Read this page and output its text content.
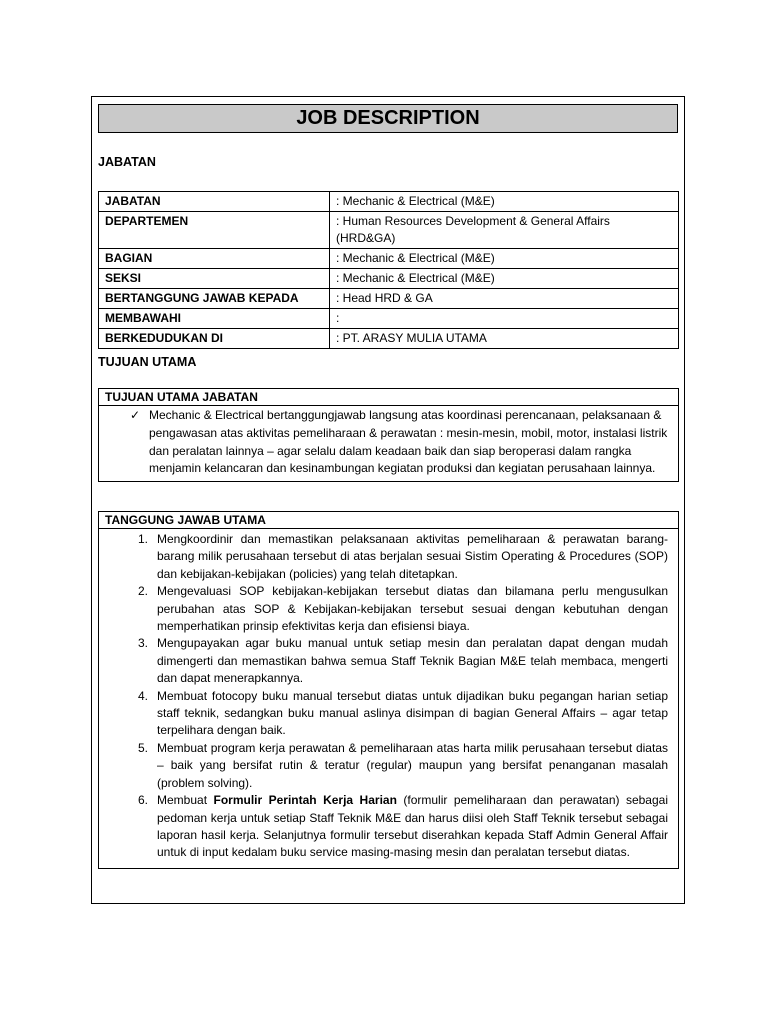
JOB DESCRIPTION
JABATAN
JABATAN	: Mechanic & Electrical (M&E)
DEPARTEMEN	: Human Resources Development & General Affairs (HRD&GA)
BAGIAN	: Mechanic & Electrical (M&E)
SEKSI	: Mechanic & Electrical (M&E)
BERTANGGUNG JAWAB KEPADA	: Head HRD & GA
MEMBAWAHI	:
BERKEDUDUKAN DI	: PT. ARASY MULIA UTAMA
TUJUAN UTAMA
TUJUAN UTAMA JABATAN
✓ Mechanic & Electrical bertanggungjawab langsung atas koordinasi perencanaan, pelaksanaan & pengawasan atas aktivitas pemeliharaan & perawatan : mesin-mesin, mobil, motor, instalasi listrik dan peralatan lainnya – agar selalu dalam keadaan baik dan siap beroperasi dalam rangka menjamin kelancaran dan kesinambungan kegiatan produksi dan kegiatan perusahaan lainnya.
TANGGUNG JAWAB UTAMA
1. Mengkoordinir dan memastikan pelaksanaan aktivitas pemeliharaan & perawatan barang-barang milik perusahaan tersebut di atas berjalan sesuai Sistim Operating & Procedures (SOP) dan kebijakan-kebijakan (policies) yang telah ditetapkan.
2. Mengevaluasi SOP kebijakan-kebijakan tersebut diatas dan bilamana perlu mengusulkan perubahan atas SOP & Kebijakan-kebijakan tersebut sesuai dengan kebutuhan dengan memperhatikan prinsip efektivitas kerja dan efisiensi biaya.
3. Mengupayakan agar buku manual untuk setiap mesin dan peralatan dapat dengan mudah dimengerti dan memastikan bahwa semua Staff Teknik Bagian M&E telah membaca, mengerti dan dapat menerapkannya.
4. Membuat fotocopy buku manual tersebut diatas untuk dijadikan buku pegangan harian setiap staff teknik, sedangkan buku manual aslinya disimpan di bagian General Affairs – agar tetap terpelihara dengan baik.
5. Membuat program kerja perawatan & pemeliharaan atas harta milik perusahaan tersebut diatas – baik yang bersifat rutin & teratur (regular) maupun yang bersifat penanganan masalah (problem solving).
6. Membuat Formulir Perintah Kerja Harian (formulir pemeliharaan dan perawatan) sebagai pedoman kerja untuk setiap Staff Teknik M&E dan harus diisi oleh Staff Teknik tersebut sebagai laporan hasil kerja. Selanjutnya formulir tersebut diserahkan kepada Staff Admin General Affair untuk di input kedalam buku service masing-masing mesin dan peralatan tersebut diatas.
